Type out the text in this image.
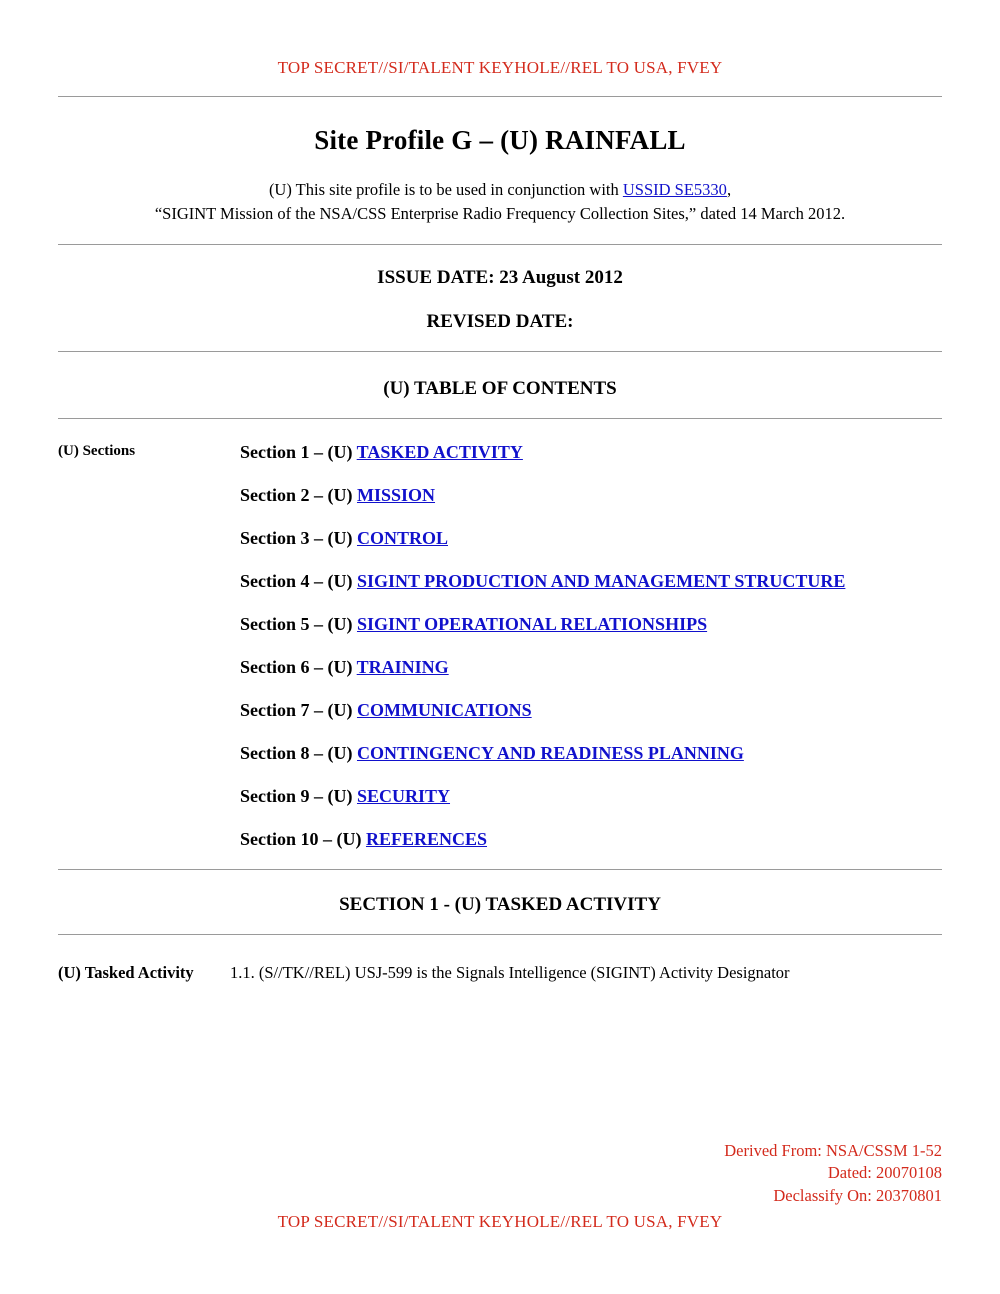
TOP SECRET//SI/TALENT KEYHOLE//REL TO USA, FVEY
Site Profile G – (U) RAINFALL
(U) This site profile is to be used in conjunction with USSID SE5330,
“SIGINT Mission of the NSA/CSS Enterprise Radio Frequency Collection Sites,” dated 14 March 2012.
ISSUE DATE: 23 August 2012
REVISED DATE:
(U) TABLE OF CONTENTS
(U) Sections	Section 1 – (U) TASKED ACTIVITY
Section 2 – (U) MISSION
Section 3 – (U) CONTROL
Section 4 – (U) SIGINT PRODUCTION AND MANAGEMENT STRUCTURE
Section 5 – (U) SIGINT OPERATIONAL RELATIONSHIPS
Section 6 – (U) TRAINING
Section 7 – (U) COMMUNICATIONS
Section 8 – (U) CONTINGENCY AND READINESS PLANNING
Section 9 – (U) SECURITY
Section 10 – (U) REFERENCES
SECTION 1 - (U) TASKED ACTIVITY
(U) Tasked Activity 1.1. (S//TK//REL) USJ-599 is the Signals Intelligence (SIGINT) Activity Designator
Derived From: NSA/CSSM 1-52
Dated: 20070108
Declassify On: 20370801
TOP SECRET//SI/TALENT KEYHOLE//REL TO USA, FVEY
